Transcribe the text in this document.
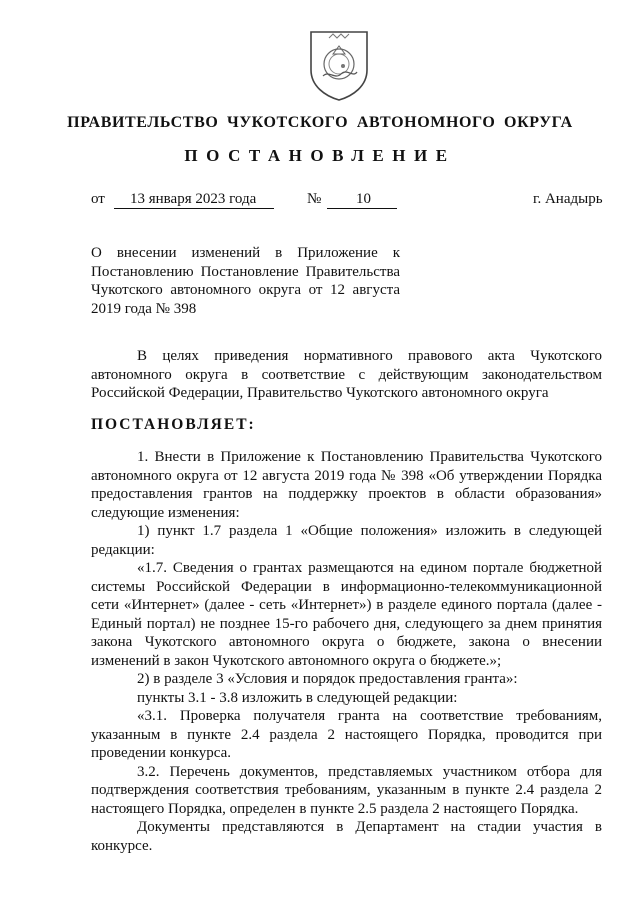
ПРАВИТЕЛЬСТВО ЧУКОТСКОГО АВТОНОМНОГО ОКРУГА
ПОСТАНОВЛЕНИЕ
от 13 января 2023 года	№ 10	г. Анадырь
О внесении изменений в Приложение к Постановлению Постановление Правительства Чукотского автономного округа от 12 августа 2019 года № 398
В целях приведения нормативного правового акта Чукотского автономного округа в соответствие с действующим законодательством Российской Федерации, Правительство Чукотского автономного округа
ПОСТАНОВЛЯЕТ:

1. Внести в Приложение к Постановлению Правительства Чукотского автономного округа от 12 августа 2019 года № 398 «Об утверждении Порядка предоставления грантов на поддержку проектов в области образования» следующие изменения:

1) пункт 1.7 раздела 1 «Общие положения» изложить в следующей редакции:

«1.7. Сведения о грантах размещаются на едином портале бюджетной системы Российской Федерации в информационно-телекоммуникационной сети «Интернет» (далее - сеть «Интернет») в разделе единого портала (далее - Единый портал) не позднее 15-го рабочего дня, следующего за днем принятия закона Чукотского автономного округа о бюджете, закона о внесении изменений в закон Чукотского автономного округа о бюджете.»;

2) в разделе 3 «Условия и порядок предоставления гранта»:

пункты 3.1 - 3.8 изложить в следующей редакции:

«3.1. Проверка получателя гранта на соответствие требованиям, указанным в пункте 2.4 раздела 2 настоящего Порядка, проводится при проведении конкурса.

3.2. Перечень документов, представляемых участником отбора для подтверждения соответствия требованиям, указанным в пункте 2.4 раздела 2 настоящего Порядка, определен в пункте 2.5 раздела 2 настоящего Порядка.

Документы представляются в Департамент на стадии участия в конкурсе.
